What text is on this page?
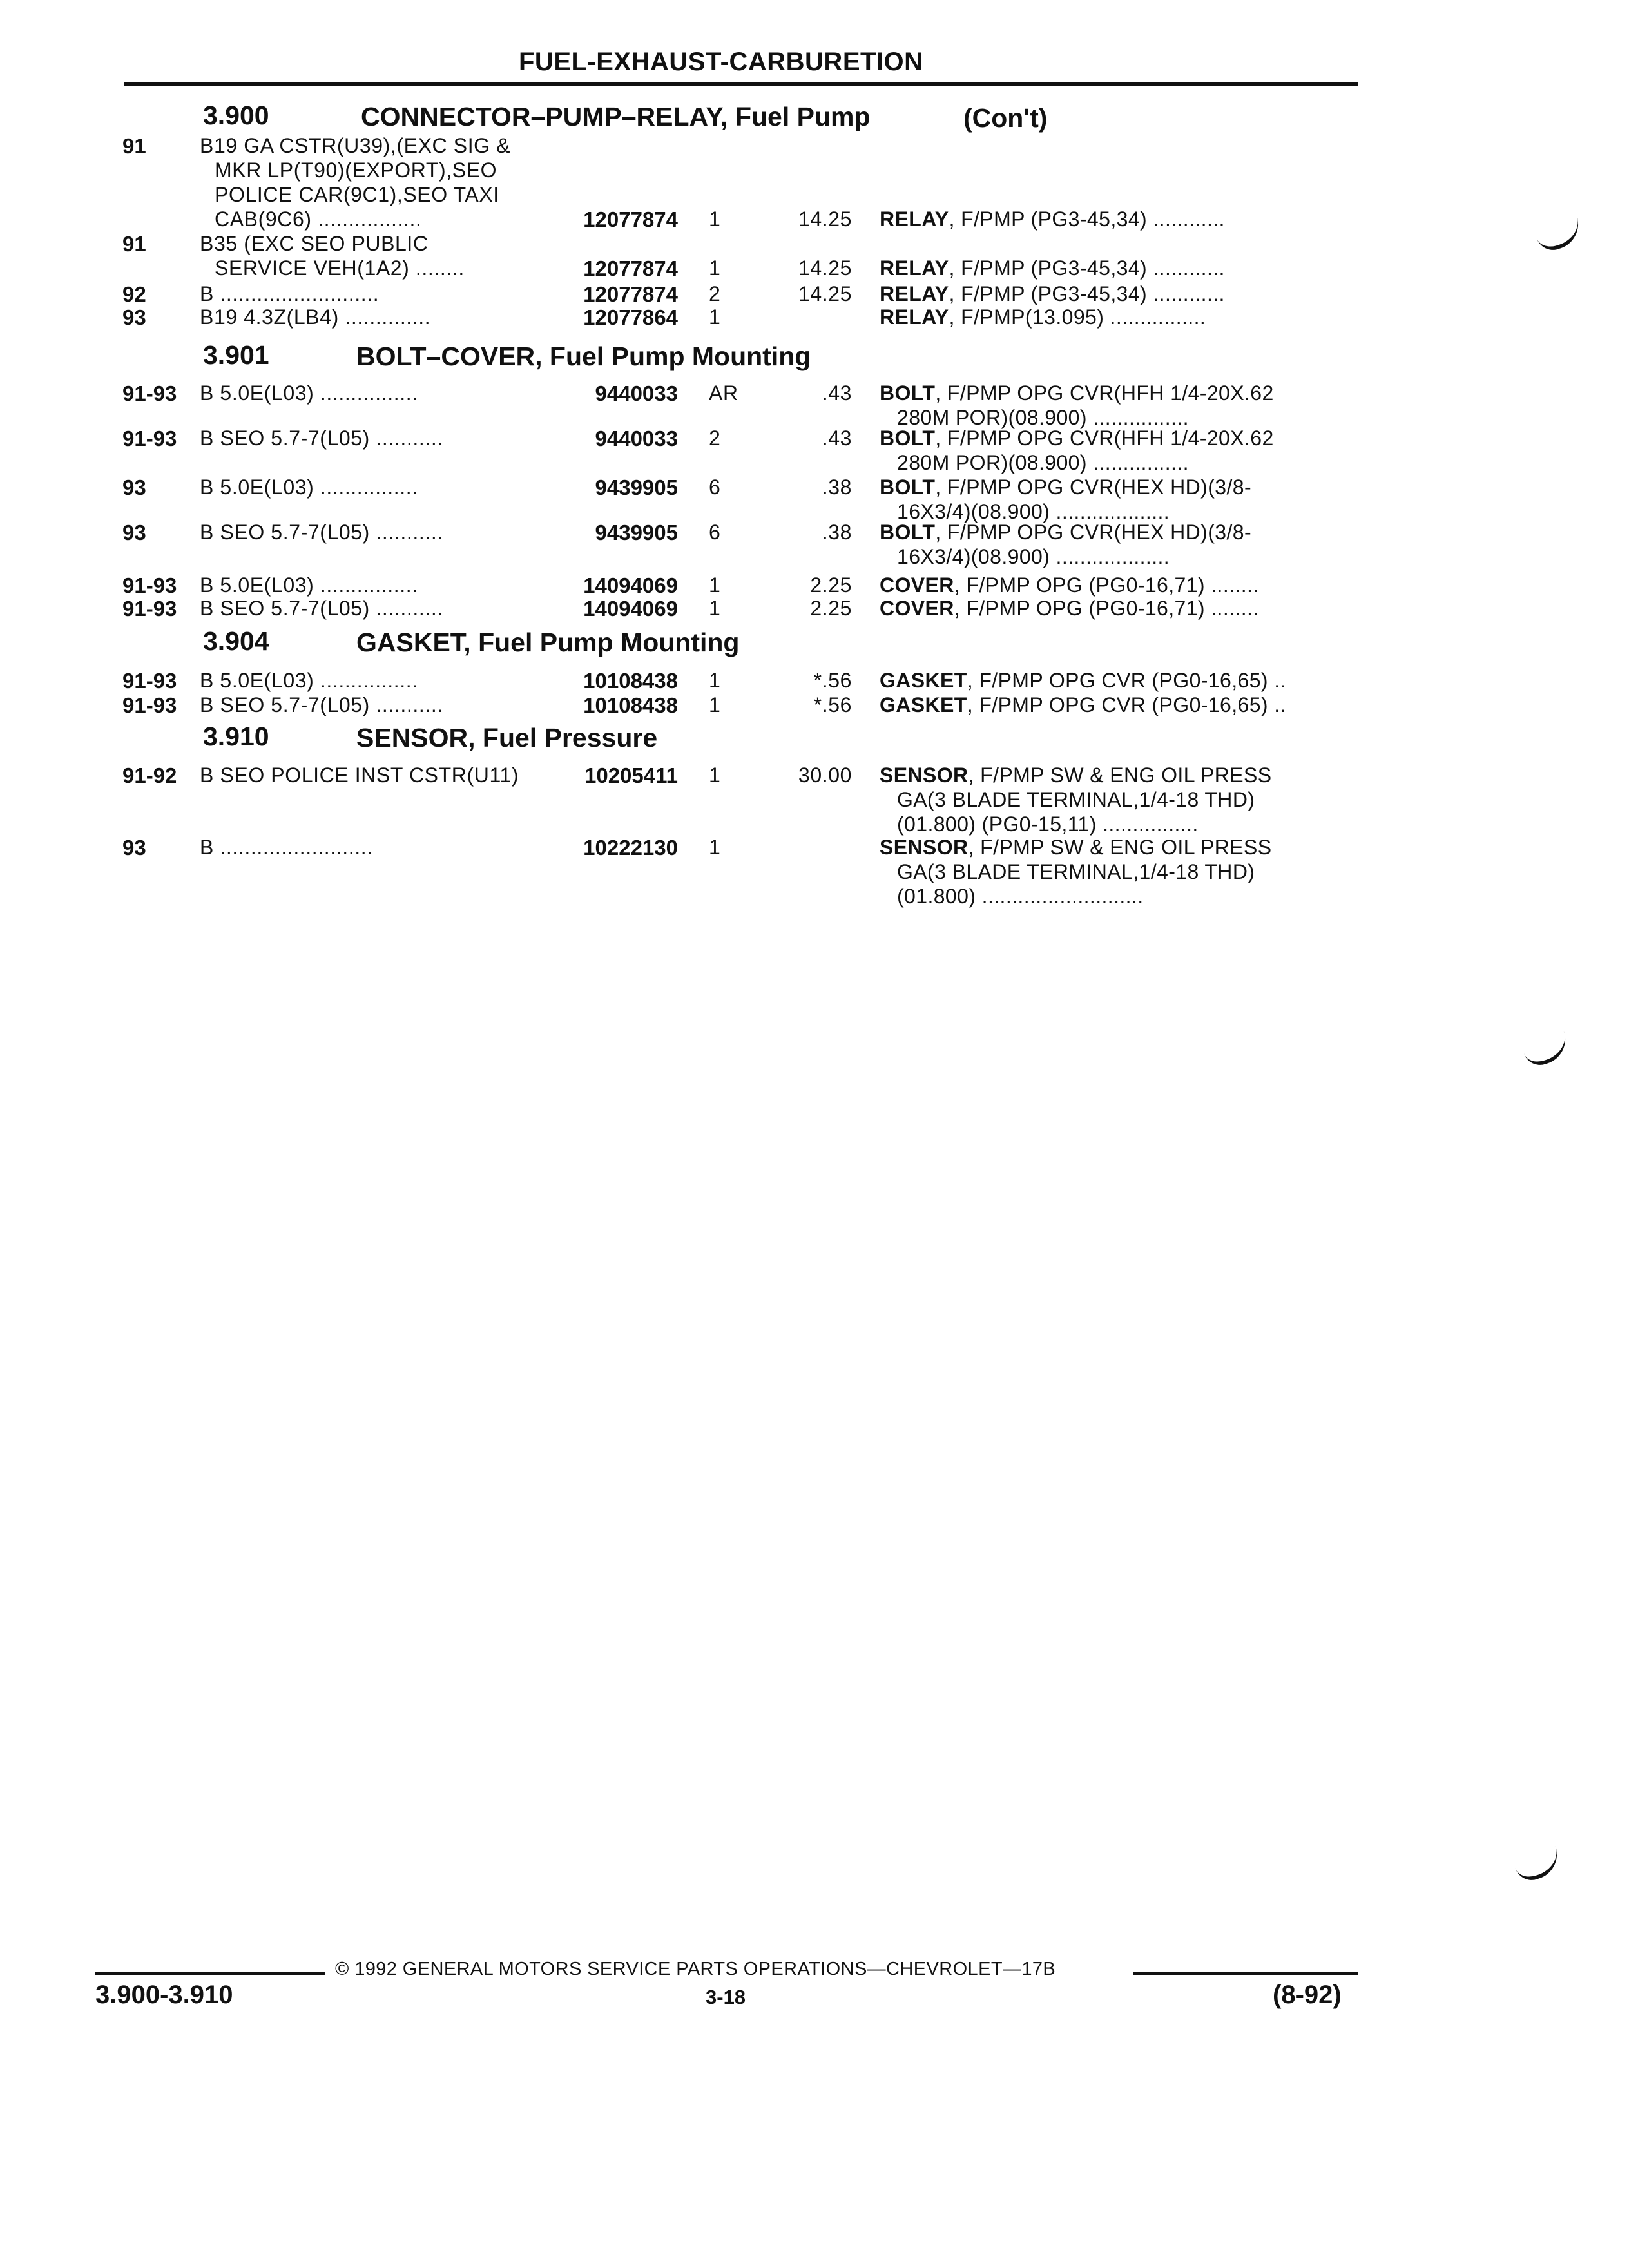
FUEL-EXHAUST-CARBURETION
3.900	CONNECTOR–PUMP–RELAY, Fuel Pump	(Con't)
3.901	BOLT–COVER, Fuel Pump Mounting
3.904	GASKET, Fuel Pump Mounting
3.910	SENSOR, Fuel Pressure
91	B19 GA CSTR(U39),(EXC SIG &
MKR LP(T90)(EXPORT),SEO
POLICE CAR(9C1),SEO TAXI
CAB(9C6) .................	12077874 1	14.25 RELAY, F/PMP (PG3-45,34) ............
91	B35 (EXC SEO PUBLIC
SERVICE VEH(1A2) ........	12077874 1	14.25 RELAY, F/PMP (PG3-45,34) ............
92	B ..........................	12077874 2	14.25 RELAY, F/PMP (PG3-45,34) ............
93	B19 4.3Z(LB4) ..............	12077864 1	RELAY, F/PMP(13.095) ................
91-93 B 5.0E(L03) ................	9440033 AR	.43 BOLT, F/PMP OPG CVR(HFH 1/4-20X.62
280M POR)(08.900) ................
91-93 B SEO 5.7-7(L05) ...........	9440033 2	.43 BOLT, F/PMP OPG CVR(HFH 1/4-20X.62
280M POR)(08.900) ................
93	B 5.0E(L03) ................	9439905 6	.38 BOLT, F/PMP OPG CVR(HEX HD)(3/8-
16X3/4)(08.900) ...................
93	B SEO 5.7-7(L05) ...........	9439905 6	.38 BOLT, F/PMP OPG CVR(HEX HD)(3/8-
16X3/4)(08.900) ...................
91-93 B 5.0E(L03) ................	14094069 1	2.25 COVER, F/PMP OPG (PG0-16,71) ........
91-93 B SEO 5.7-7(L05) ...........	14094069 1	2.25 COVER, F/PMP OPG (PG0-16,71) ........
91-93 B 5.0E(L03) ................	10108438 1	*.56 GASKET, F/PMP OPG CVR (PG0-16,65) ..
91-93 B SEO 5.7-7(L05) ...........	10108438 1	*.56 GASKET, F/PMP OPG CVR (PG0-16,65) ..
91-92 B SEO POLICE INST CSTR(U11)	10205411 1	30.00 SENSOR, F/PMP SW & ENG OIL PRESS
GA(3 BLADE TERMINAL,1/4-18 THD)
(01.800) (PG0-15,11) ................
93	B .........................	10222130 1	SENSOR, F/PMP SW & ENG OIL PRESS
GA(3 BLADE TERMINAL,1/4-18 THD)
(01.800) ...........................
© 1992 GENERAL MOTORS SERVICE PARTS OPERATIONS—CHEVROLET—17B
3.900-3.910	3-18	(8-92)
